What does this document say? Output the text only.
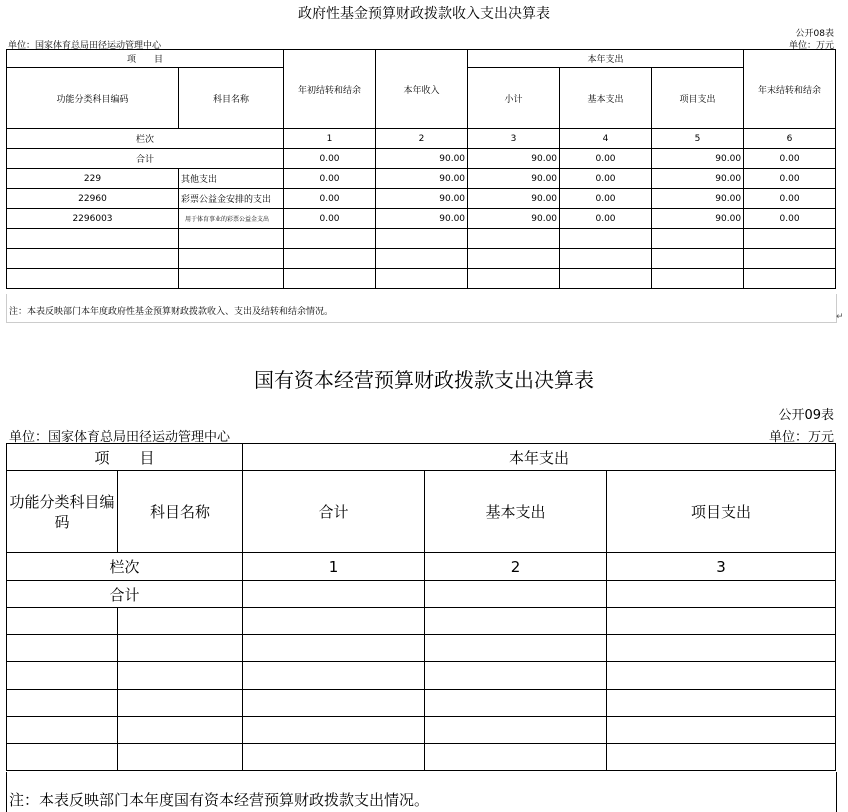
政府性基金预算财政拨款收入支出决算表
公开08表
单位：国家体育总局田径运动管理中心	单位：万元
项　　目		年初结转和结余	本年收入	本年支出			年末结转和结余
功能分类科目编码	科目名称			小计	基本支出	项目支出	

栏次		1	2	3	4	5	6
合计		0.00	90.00	90.00	0.00	90.00	0.00
229	其他支出	0.00	90.00	90.00	0.00	90.00	0.00
22960	彩票公益金安排的支出	0.00	90.00	90.00	0.00	90.00	0.00
2296003	用于体育事业的彩票公益金支出	0.00	90.00	90.00	0.00	90.00	0.00

注：本表反映部门本年度政府性基金预算财政拨款收入、支出及结转和结余情况。	↵
国有资本经营预算财政拨款支出决算表
公开09表
单位：国家体育总局田径运动管理中心	单位：万元
项　　目		本年支出		
功能分类科目编码	科目名称	合计	基本支出	项目支出
栏次		1	2	3
合计				

注：本表反映部门本年度国有资本经营预算财政拨款支出情况。
